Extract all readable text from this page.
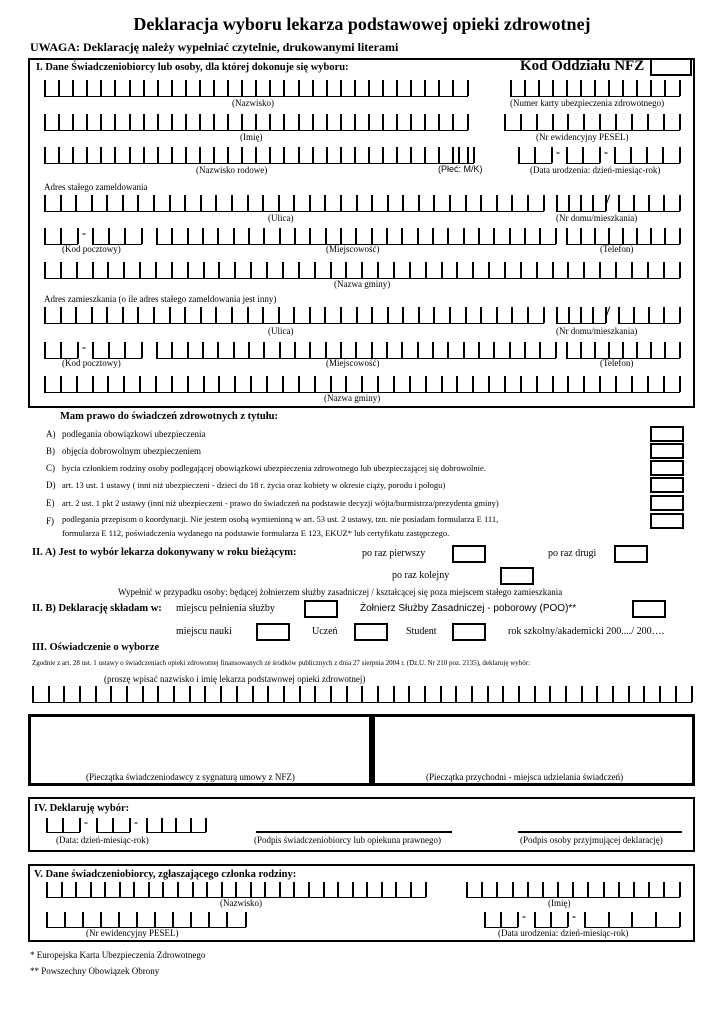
Deklaracja wyboru lekarza podstawowej opieki zdrowotnej
UWAGA: Deklarację należy wypełniać czytelnie, drukowanymi literami
I. Dane Świadczeniobiorcy lub osoby, dla której dokonuje się wyboru:	Kod Oddziału NFZ
(Nazwisko)	(Numer karty ubezpieczenia zdrowotnego)
(Imię)	(Nr ewidencyjny PESEL)
-	-
(Nazwisko rodowe)	(Płeć: M/K)	(Data urodzenia: dzień-miesiąc-rok)
Adres stałego zameldowania
/
(Ulica)	(Nr domu/mieszkania)
-
(Kod pocztowy)	(Miejscowość)	(Telefon)
(Nazwa gminy)
Adres zamieszkania (o ile adres stałego zameldowania jest inny)
/
(Ulica)	(Nr domu/mieszkania)
-
(Kod pocztowy)	(Miejscowość)	(Telefon)
(Nazwa gminy)
Mam prawo do świadczeń zdrowotnych z tytułu:
A) podlegania obowiązkowi ubezpieczenia
B) objęcia dobrowolnym ubezpieczeniem
C) bycia członkiem rodziny osoby podlegającej obowiązkowi ubezpieczenia zdrowotnego lub ubezpieczającej się dobrowolnie.
D) art. 13 ust. 1 ustawy ( inni niż ubezpieczeni - dzieci do 18 r. życia oraz kobiety w okresie ciąży, porodu i połogu)
E) art. 2 ust. 1 pkt 2 ustawy (inni niż ubezpieczeni - prawo do świadczeń na podstawie decyzji wójta/burmistrza/prezydenta gminy)
F) podlegania przepisom o koordynacji. Nie jestem osobą wymienioną w art. 53 ust. 2 ustawy, tzn. nie posiadam formularza E 111,
formularza E 112, poświadczenia wydanego na podstawie formularza E 123, EKUZ* lub certyfikatu zastępczego.
II. A) Jest to wybór lekarza dokonywany w roku bieżącym:	po raz pierwszy	po raz drugi
po raz kolejny
Wypełnić w przypadku osoby: będącej żołnierzem służby zasadniczej / kształcącej się poza miejscem stałego zamieszkania
II. B) Deklarację składam w: miejscu pełnienia służby	Żołnierz Służby Zasadniczej - poborowy (POO)**
miejscu nauki	Uczeń	Student	rok szkolny/akademicki 200..../ 200….
III. Oświadczenie o wyborze
Zgodnie z art. 28 ust. 1 ustawy o świadczeniach opieki zdrowotnej finansowanych ze środków publicznych z dnia 27 sierpnia 2004 r. (Dz.U. Nr 210 poz. 2135), deklaruję wybór:
(proszę wpisać nazwisko i imię lekarza podstawowej opieki zdrowotnej)
(Pieczątka świadczeniodawcy z sygnaturą umowy z NFZ)	(Pieczątka przychodni - miejsca udzielania świadczeń)
IV. Deklaruję wybór:
-	-
(Data: dzień-miesiąc-rok)	(Podpis świadczeniobiorcy lub opiekuna prawnego)	(Podpis osoby przyjmującej deklarację)
V. Dane świadczeniobiorcy, zgłaszającego członka rodziny:
(Nazwisko)	(Imię)
-	-
(Nr ewidencyjny PESEL)	(Data urodzenia: dzień-miesiąc-rok)
* Europejska Karta Ubezpieczenia Zdrowotnego
** Powszechny Obowiązek Obrony
